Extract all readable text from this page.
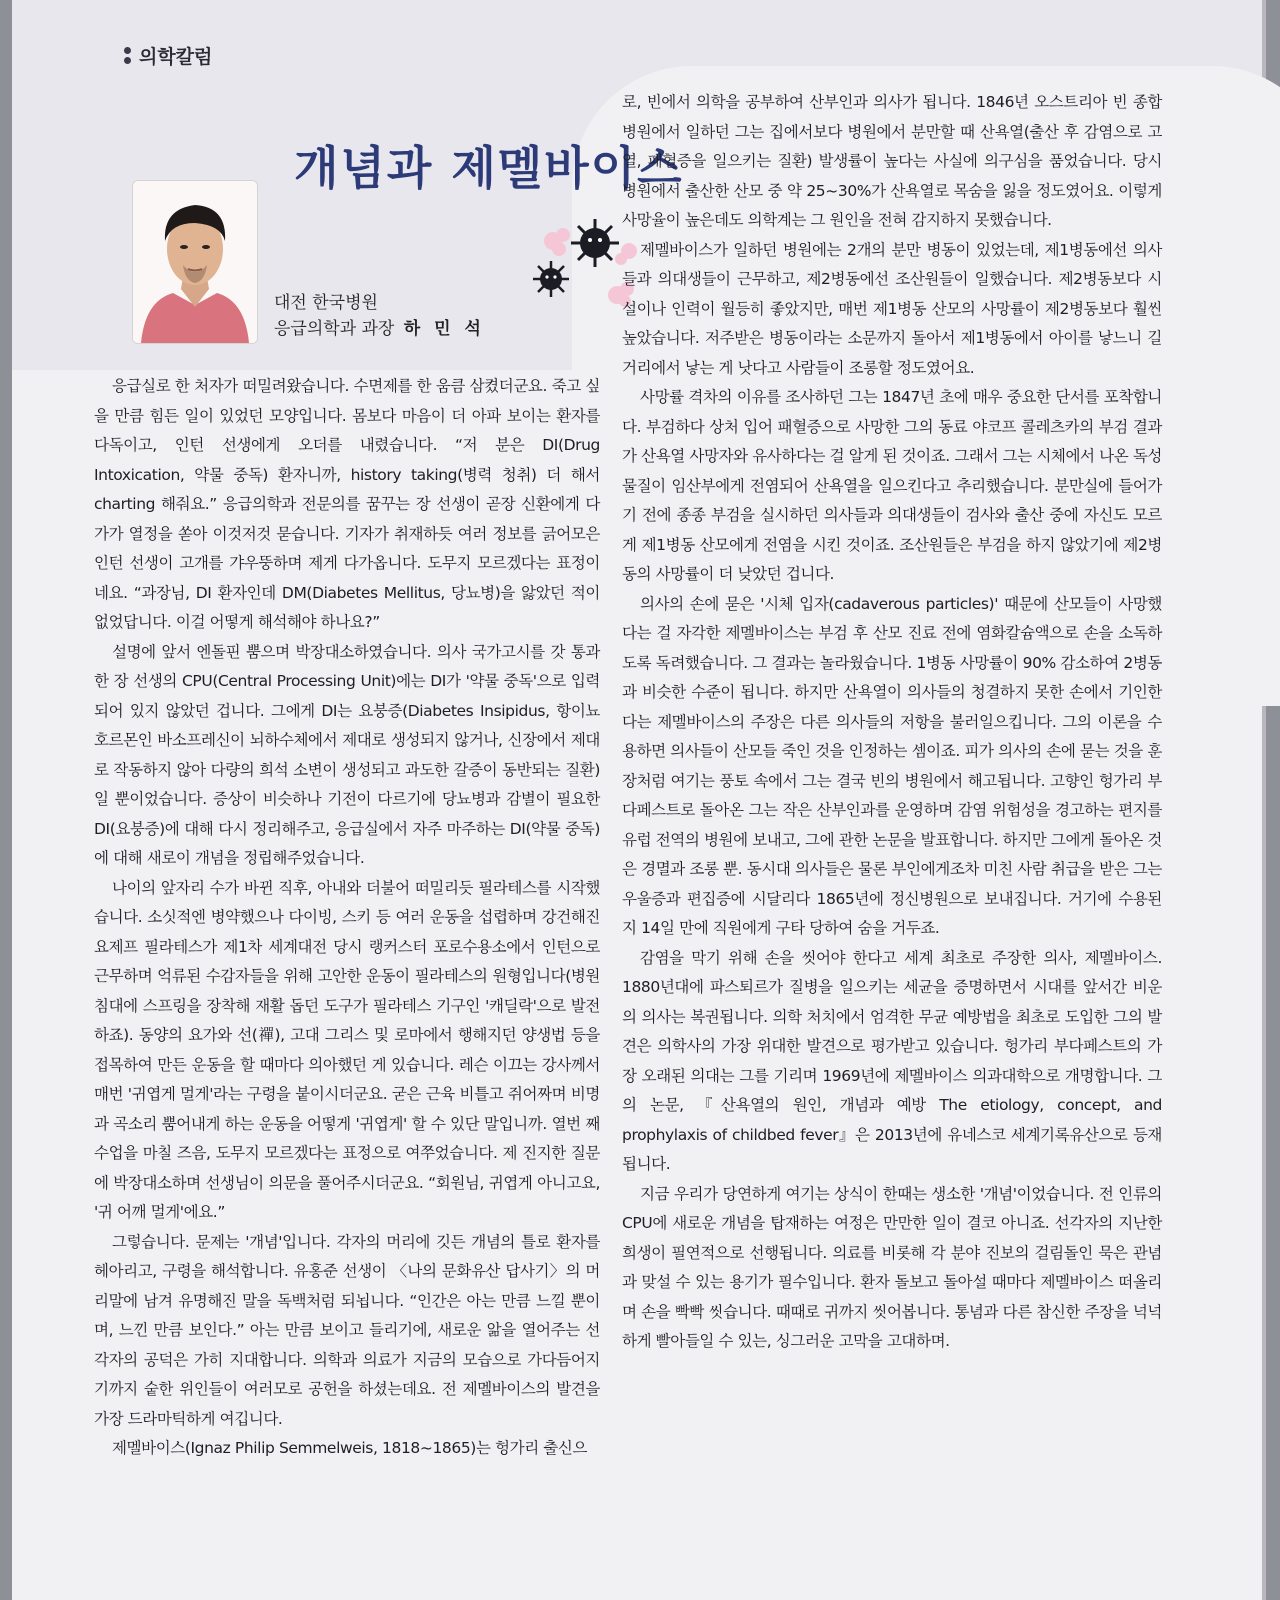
의학칼럼
개념과 제멜바이스
대전 한국병원
응급의학과 과장 하 민 석

응급실로 한 처자가 떠밀려왔습니다. 수면제를 한 움큼 삼켰더군요. 죽고 싶을 만큼 힘든 일이 있었던 모양입니다. 몸보다 마음이 더 아파 보이는 환자를 다독이고, 인턴 선생에게 오더를 내렸습니다. “저 분은 DI(Drug Intoxication, 약물 중독) 환자니까, history taking(병력 청취) 더 해서 charting 해줘요.” 응급의학과 전문의를 꿈꾸는 장 선생이 곧장 신환에게 다가가 열정을 쏟아 이것저것 묻습니다. 기자가 취재하듯 여러 정보를 긁어모은 인턴 선생이 고개를 갸우뚱하며 제게 다가옵니다. 도무지 모르겠다는 표정이네요. “과장님, DI 환자인데 DM(Diabetes Mellitus, 당뇨병)을 앓았던 적이 없었답니다. 이걸 어떻게 해석해야 하나요?”

설명에 앞서 엔돌핀 뿜으며 박장대소하였습니다. 의사 국가고시를 갓 통과한 장 선생의 CPU(Central Processing Unit)에는 DI가 '약물 중독'으로 입력되어 있지 않았던 겁니다. 그에게 DI는 요붕증(Diabetes Insipidus, 항이뇨 호르몬인 바소프레신이 뇌하수체에서 제대로 생성되지 않거나, 신장에서 제대로 작동하지 않아 다량의 희석 소변이 생성되고 과도한 갈증이 동반되는 질환)일 뿐이었습니다. 증상이 비슷하나 기전이 다르기에 당뇨병과 감별이 필요한 DI(요붕증)에 대해 다시 정리해주고, 응급실에서 자주 마주하는 DI(약물 중독)에 대해 새로이 개념을 정립해주었습니다.

나이의 앞자리 수가 바뀐 직후, 아내와 더불어 떠밀리듯 필라테스를 시작했습니다. 소싯적엔 병약했으나 다이빙, 스키 등 여러 운동을 섭렵하며 강건해진 요제프 필라테스가 제1차 세계대전 당시 랭커스터 포로수용소에서 인턴으로 근무하며 억류된 수감자들을 위해 고안한 운동이 필라테스의 원형입니다(병원 침대에 스프링을 장착해 재활 돕던 도구가 필라테스 기구인 '캐딜락'으로 발전하죠). 동양의 요가와 선(禪), 고대 그리스 및 로마에서 행해지던 양생법 등을 접목하여 만든 운동을 할 때마다 의아했던 게 있습니다. 레슨 이끄는 강사께서 매번 '귀엽게 멀게'라는 구령을 붙이시더군요. 굳은 근육 비틀고 쥐어짜며 비명과 곡소리 뿜어내게 하는 운동을 어떻게 '귀엽게' 할 수 있단 말입니까. 열번 째 수업을 마칠 즈음, 도무지 모르겠다는 표정으로 여쭈었습니다. 제 진지한 질문에 박장대소하며 선생님이 의문을 풀어주시더군요. “회원님, 귀엽게 아니고요, '귀 어깨 멀게'에요.”

그렇습니다. 문제는 '개념'입니다. 각자의 머리에 깃든 개념의 틀로 환자를 헤아리고, 구령을 해석합니다. 유홍준 선생이 〈나의 문화유산 답사기〉의 머리말에 남겨 유명해진 말을 독백처럼 되뇝니다. “인간은 아는 만큼 느낄 뿐이며, 느낀 만큼 보인다.” 아는 만큼 보이고 들리기에, 새로운 앎을 열어주는 선각자의 공덕은 가히 지대합니다. 의학과 의료가 지금의 모습으로 가다듬어지기까지 숱한 위인들이 여러모로 공헌을 하셨는데요. 전 제멜바이스의 발견을 가장 드라마틱하게 여깁니다.

제멜바이스(Ignaz Philip Semmelweis, 1818~1865)는 헝가리 출신으

로, 빈에서 의학을 공부하여 산부인과 의사가 됩니다. 1846년 오스트리아 빈 종합병원에서 일하던 그는 집에서보다 병원에서 분만할 때 산욕열(출산 후 감염으로 고열, 패혈증을 일으키는 질환) 발생률이 높다는 사실에 의구심을 품었습니다. 당시 병원에서 출산한 산모 중 약 25~30%가 산욕열로 목숨을 잃을 정도였어요. 이렇게 사망율이 높은데도 의학계는 그 원인을 전혀 감지하지 못했습니다.

제멜바이스가 일하던 병원에는 2개의 분만 병동이 있었는데, 제1병동에선 의사들과 의대생들이 근무하고, 제2병동에선 조산원들이 일했습니다. 제2병동보다 시설이나 인력이 월등히 좋았지만, 매번 제1병동 산모의 사망률이 제2병동보다 훨씬 높았습니다. 저주받은 병동이라는 소문까지 돌아서 제1병동에서 아이를 낳느니 길거리에서 낳는 게 낫다고 사람들이 조롱할 정도였어요.

사망률 격차의 이유를 조사하던 그는 1847년 초에 매우 중요한 단서를 포착합니다. 부검하다 상처 입어 패혈증으로 사망한 그의 동료 야코프 콜레츠카의 부검 결과가 산욕열 사망자와 유사하다는 걸 알게 된 것이죠. 그래서 그는 시체에서 나온 독성 물질이 임산부에게 전염되어 산욕열을 일으킨다고 추리했습니다. 분만실에 들어가기 전에 종종 부검을 실시하던 의사들과 의대생들이 검사와 출산 중에 자신도 모르게 제1병동 산모에게 전염을 시킨 것이죠. 조산원들은 부검을 하지 않았기에 제2병동의 사망률이 더 낮았던 겁니다.

의사의 손에 묻은 '시체 입자(cadaverous particles)' 때문에 산모들이 사망했다는 걸 자각한 제멜바이스는 부검 후 산모 진료 전에 염화칼슘액으로 손을 소독하도록 독려했습니다. 그 결과는 놀라웠습니다. 1병동 사망률이 90% 감소하여 2병동과 비슷한 수준이 됩니다. 하지만 산욕열이 의사들의 청결하지 못한 손에서 기인한다는 제멜바이스의 주장은 다른 의사들의 저항을 불러일으킵니다. 그의 이론을 수용하면 의사들이 산모들 죽인 것을 인정하는 셈이죠. 피가 의사의 손에 묻는 것을 훈장처럼 여기는 풍토 속에서 그는 결국 빈의 병원에서 해고됩니다. 고향인 헝가리 부다페스트로 돌아온 그는 작은 산부인과를 운영하며 감염 위험성을 경고하는 편지를 유럽 전역의 병원에 보내고, 그에 관한 논문을 발표합니다. 하지만 그에게 돌아온 것은 경멸과 조롱 뿐. 동시대 의사들은 물론 부인에게조차 미친 사람 취급을 받은 그는 우울증과 편집증에 시달리다 1865년에 정신병원으로 보내집니다. 거기에 수용된 지 14일 만에 직원에게 구타 당하여 숨을 거두죠.

감염을 막기 위해 손을 씻어야 한다고 세계 최초로 주장한 의사, 제멜바이스. 1880년대에 파스퇴르가 질병을 일으키는 세균을 증명하면서 시대를 앞서간 비운의 의사는 복권됩니다. 의학 처치에서 엄격한 무균 예방법을 최초로 도입한 그의 발견은 의학사의 가장 위대한 발견으로 평가받고 있습니다. 헝가리 부다페스트의 가장 오래된 의대는 그를 기리며 1969년에 제멜바이스 의과대학으로 개명합니다. 그의 논문, 『산욕열의 원인, 개념과 예방 The etiology, concept, and prophylaxis of childbed fever』은 2013년에 유네스코 세계기록유산으로 등재됩니다.

지금 우리가 당연하게 여기는 상식이 한때는 생소한 '개념'이었습니다. 전 인류의 CPU에 새로운 개념을 탑재하는 여정은 만만한 일이 결코 아니죠. 선각자의 지난한 희생이 필연적으로 선행됩니다. 의료를 비롯해 각 분야 진보의 걸림돌인 묵은 관념과 맞설 수 있는 용기가 필수입니다. 환자 돌보고 돌아설 때마다 제멜바이스 떠올리며 손을 빡빡 씻습니다. 때때로 귀까지 씻어봅니다. 통념과 다른 참신한 주장을 넉넉하게 빨아들일 수 있는, 싱그러운 고막을 고대하며.
